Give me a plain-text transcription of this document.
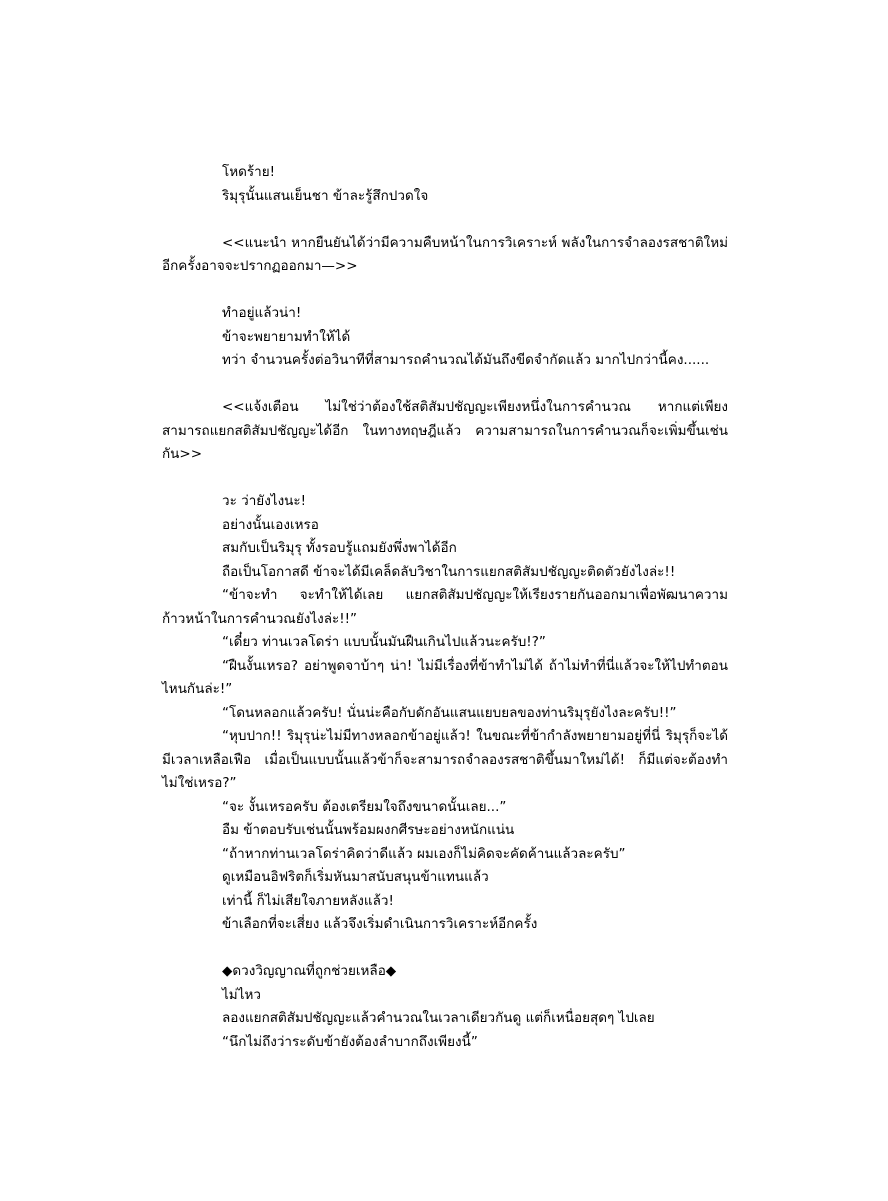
โหดร้าย!

ริมุรุนั้นแสนเย็นชา ข้าละรู้สึกปวดใจ

<<แนะนำ หากยืนยันได้ว่ามีความคืบหน้าในการวิเคราะห์ พลังในการจำลองรสชาติใหม่อีกครั้งอาจจะปรากฏออกมา—>>

ทำอยู่แล้วน่า!

ข้าจะพยายามทำให้ได้

ทว่า จำนวนครั้งต่อวินาทีที่สามารถคำนวณได้มันถึงขีดจำกัดแล้ว มากไปกว่านี้คง......

<<แจ้งเตือน ไม่ใช่ว่าต้องใช้สติสัมปชัญญะเพียงหนึ่งในการคำนวณ หากแต่เพียงสามารถแยกสติสัมปชัญญะได้อีก ในทางทฤษฎีแล้ว ความสามารถในการคำนวณก็จะเพิ่มขึ้นเช่นกัน>>

วะ ว่ายังไงนะ!

อย่างนั้นเองเหรอ

สมกับเป็นริมุรุ ทั้งรอบรู้แถมยังพึ่งพาได้อีก

ถือเป็นโอกาสดี ข้าจะได้มีเคล็ดลับวิชาในการแยกสติสัมปชัญญะติดตัวยังไงล่ะ!!

“ข้าจะทำ จะทำให้ได้เลย แยกสติสัมปชัญญะให้เรียงรายกันออกมาเพื่อพัฒนาความก้าวหน้าในการคำนวณยังไงล่ะ!!”

“เดี๋ยว ท่านเวลโดร่า แบบนั้นมันฝืนเกินไปแล้วนะครับ!?”

“ฝืนงั้นเหรอ? อย่าพูดจาบ้าๆ น่า! ไม่มีเรื่องที่ข้าทำไม่ได้ ถ้าไม่ทำที่นี่แล้วจะให้ไปทำตอนไหนกันล่ะ!”

“โดนหลอกแล้วครับ! นั่นน่ะคือกับดักอันแสนแยบยลของท่านริมุรุยังไงละครับ!!”

“หุบปาก!! ริมุรุน่ะไม่มีทางหลอกข้าอยู่แล้ว! ในขณะที่ข้ากำลังพยายามอยู่ที่นี่ ริมุรุก็จะได้มีเวลาเหลือเฟือ เมื่อเป็นแบบนั้นแล้วข้าก็จะสามารถจำลองรสชาติขึ้นมาใหม่ได้! ก็มีแต่จะต้องทำไม่ใช่เหรอ?”

“จะ งั้นเหรอครับ ต้องเตรียมใจถึงขนาดนั้นเลย...”

อืม ข้าตอบรับเช่นนั้นพร้อมผงกศีรษะอย่างหนักแน่น

“ถ้าหากท่านเวลโดร่าคิดว่าดีแล้ว ผมเองก็ไม่คิดจะคัดค้านแล้วละครับ”

ดูเหมือนอิฟริตก็เริ่มหันมาสนับสนุนข้าแทนแล้ว

เท่านี้ ก็ไม่เสียใจภายหลังแล้ว!

ข้าเลือกที่จะเสี่ยง แล้วจึงเริ่มดำเนินการวิเคราะห์อีกครั้ง

◆ดวงวิญญาณที่ถูกช่วยเหลือ◆

ไม่ไหว

ลองแยกสติสัมปชัญญะแล้วคำนวณในเวลาเดียวกันดู แต่ก็เหนื่อยสุดๆ ไปเลย

“นึกไม่ถึงว่าระดับข้ายังต้องลำบากถึงเพียงนี้”
